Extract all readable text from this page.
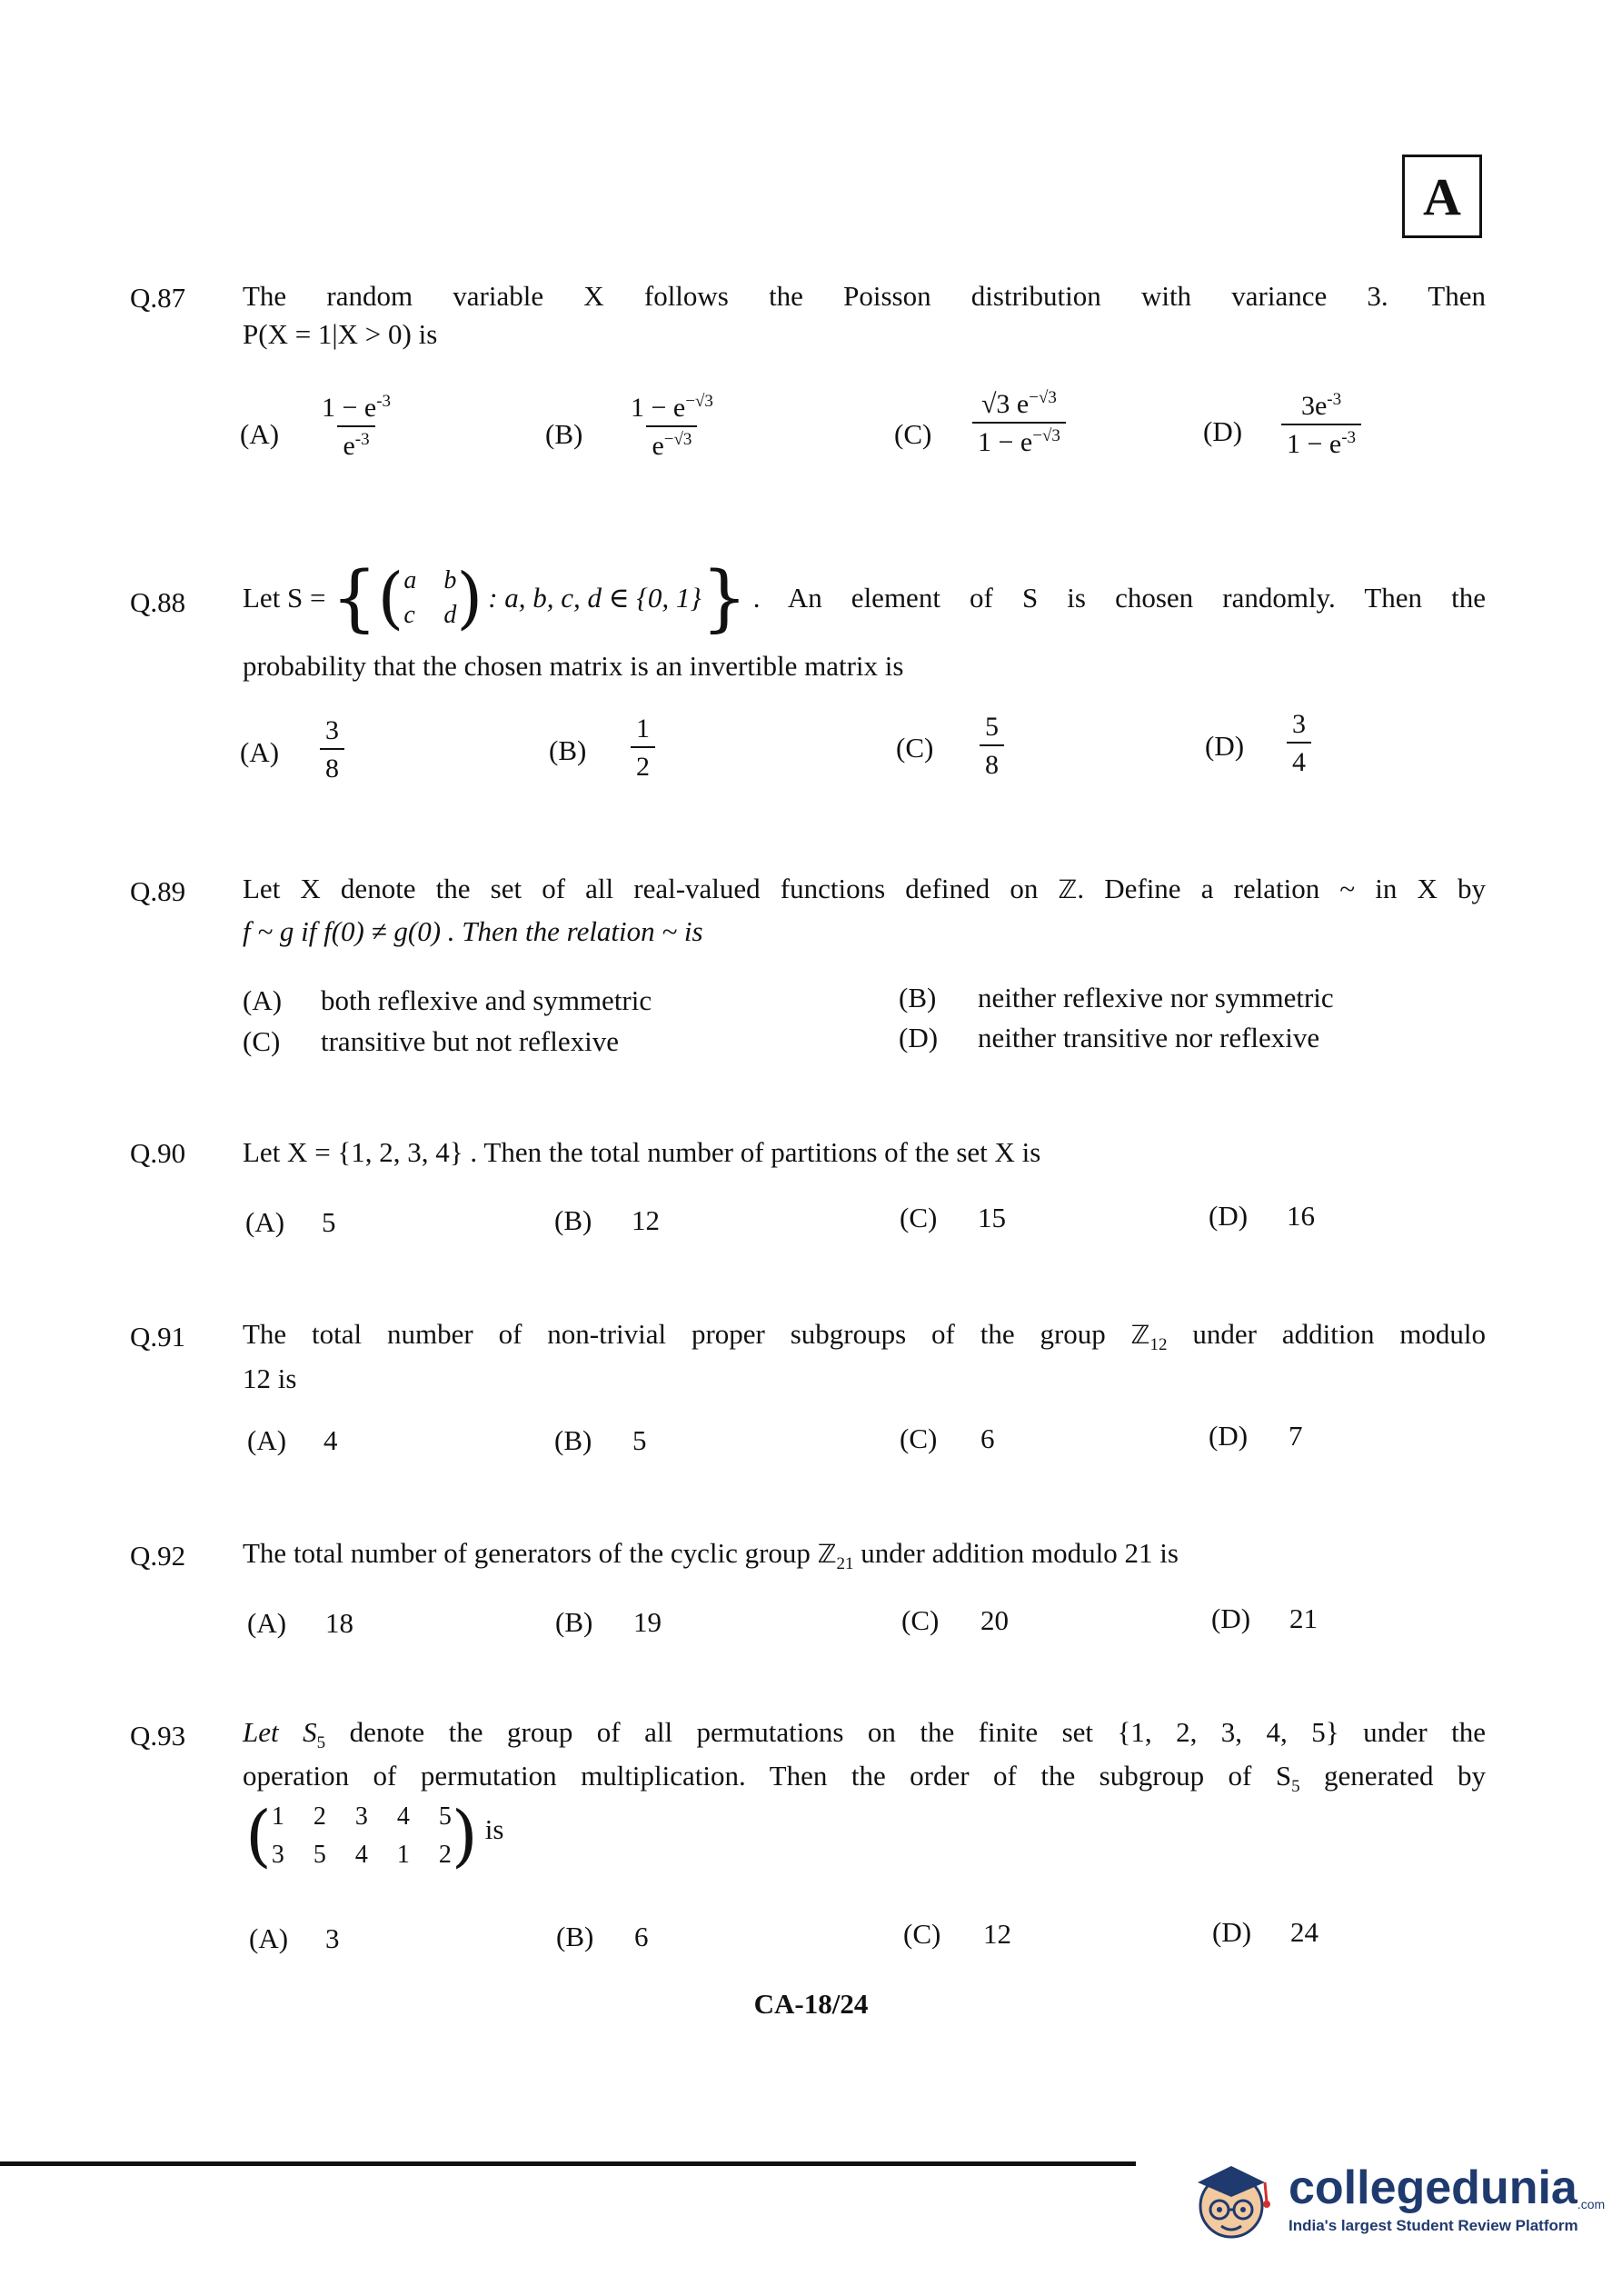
A
Q.87 The random variable X follows the Poisson distribution with variance 3. Then
P(X = 1|X > 0) is
$(A) \frac{1 - e^{-3}}{e^{-3}}$	$(B) \frac{1 - e^{-√3}}{e^{-√3}}$	$(C) \frac{√3 e^{-√3}}{1 - e^{-√3}}$	$(D) \frac{3e^{-3}}{1 - e^{-3}}$
Q.88 Let S = { ( a b
c d ) : a, b, c, d ∈ {0, 1} } . An element of S is chosen randomly. Then the
probability that the chosen matrix is an invertible matrix is
$(A) \frac{3}{8}$	$(B) \frac{1}{2}$	$(C) \frac{5}{8}$	$(D) \frac{3}{4}$
Q.89 Let X denote the set of all real-valued functions defined on ℤ. Define a relation ~ in X by
f ~ g if f(0) ≠ g(0) . Then the relation ~ is
(A) both reflexive and symmetric	(B) neither reflexive nor symmetric
(C) transitive but not reflexive	(D) neither transitive nor reflexive
Q.90 Let X = {1, 2, 3, 4} . Then the total number of partitions of the set X is
(A) 5	(B) 12	(C) 15	(D) 16
Q.91 The total number of non-trivial proper subgroups of the group ℤ$_{12}$ under addition modulo
12 is
(A) 4	(B) 5	(C) 6	(D) 7
Q.92 The total number of generators of the cyclic group ℤ$_{21}$ under addition modulo 21 is
(A) 18	(B) 19	(C) 20	(D) 21
Q.93 Let $S_5$ denote the group of all permutations on the finite set {1, 2, 3, 4, 5} under the
operation of permutation multiplication. Then the order of the subgroup of $S_5$ generated by
( 1 2 3 4 5
3 5 4 1 2 ) is
(A) 3	(B) 6	(C) 12	(D) 24
CA-18/24
collegedunia .com
India's largest Student Review Platform
